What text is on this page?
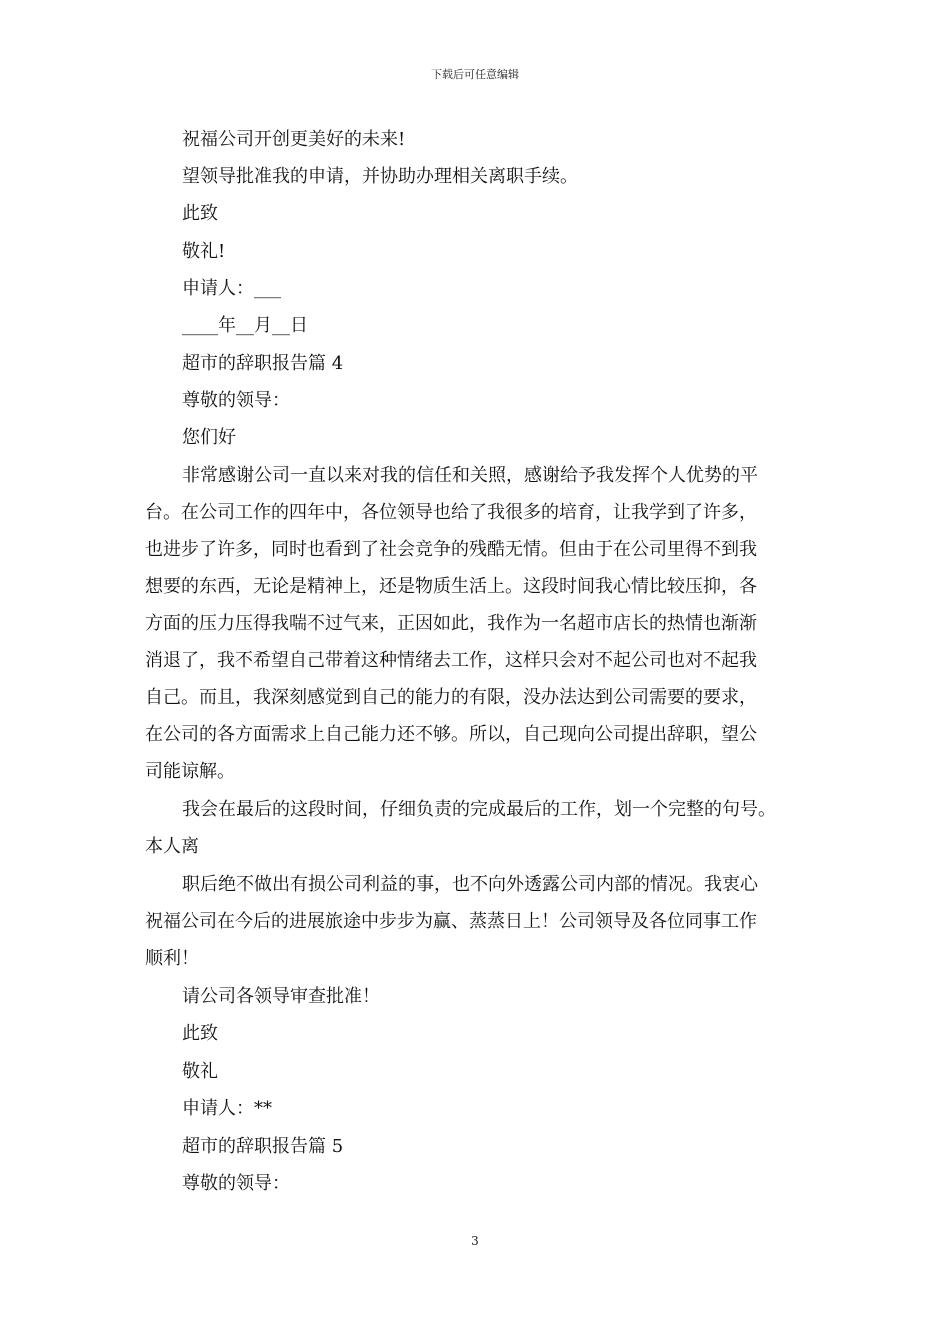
下载后可任意编辑
祝福公司开创更美好的未来!
望领导批准我的申请，并协助办理相关离职手续。
此致
敬礼!
申请人：___
____年__月__日
超市的辞职报告篇 4
尊敬的领导：
您们好
非常感谢公司一直以来对我的信任和关照，感谢给予我发挥个人优势的平
台。在公司工作的四年中，各位领导也给了我很多的培育，让我学到了许多，
也进步了许多，同时也看到了社会竞争的残酷无情。但由于在公司里得不到我
想要的东西，无论是精神上，还是物质生活上。这段时间我心情比较压抑，各
方面的压力压得我喘不过气来，正因如此，我作为一名超市店长的热情也渐渐
消退了，我不希望自己带着这种情绪去工作，这样只会对不起公司也对不起我
自己。而且，我深刻感觉到自己的能力的有限，没办法达到公司需要的要求，
在公司的各方面需求上自己能力还不够。所以，自己现向公司提出辞职，望公
司能谅解。
我会在最后的这段时间，仔细负责的完成最后的工作，划一个完整的句号。
本人离
职后绝不做出有损公司利益的事，也不向外透露公司内部的情况。我衷心
祝福公司在今后的进展旅途中步步为赢、蒸蒸日上！公司领导及各位同事工作
顺利！
请公司各领导审查批准！
此致
敬礼
申请人：**
超市的辞职报告篇 5
尊敬的领导：
3
